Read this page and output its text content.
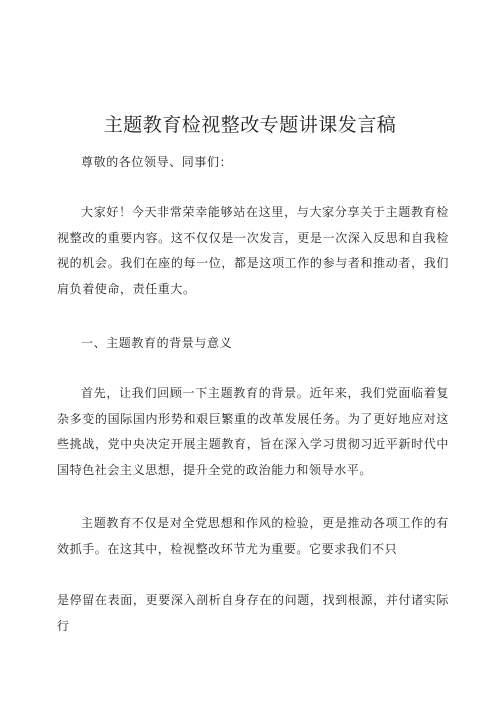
主题教育检视整改专题讲课发言稿

尊敬的各位领导、同事们：

大家好！今天非常荣幸能够站在这里，与大家分享关于主题教育检视整改的重要内容。这不仅仅是一次发言，更是一次深入反思和自我检视的机会。我们在座的每一位，都是这项工作的参与者和推动者，我们肩负着使命，责任重大。

一、主题教育的背景与意义

首先，让我们回顾一下主题教育的背景。近年来，我们党面临着复杂多变的国际国内形势和艰巨繁重的改革发展任务。为了更好地应对这些挑战，党中央决定开展主题教育，旨在深入学习贯彻习近平新时代中国特色社会主义思想，提升全党的政治能力和领导水平。

主题教育不仅是对全党思想和作风的检验，更是推动各项工作的有效抓手。在这其中，检视整改环节尤为重要。它要求我们不只

是停留在表面，更要深入剖析自身存在的问题，找到根源，并付诸实际行
